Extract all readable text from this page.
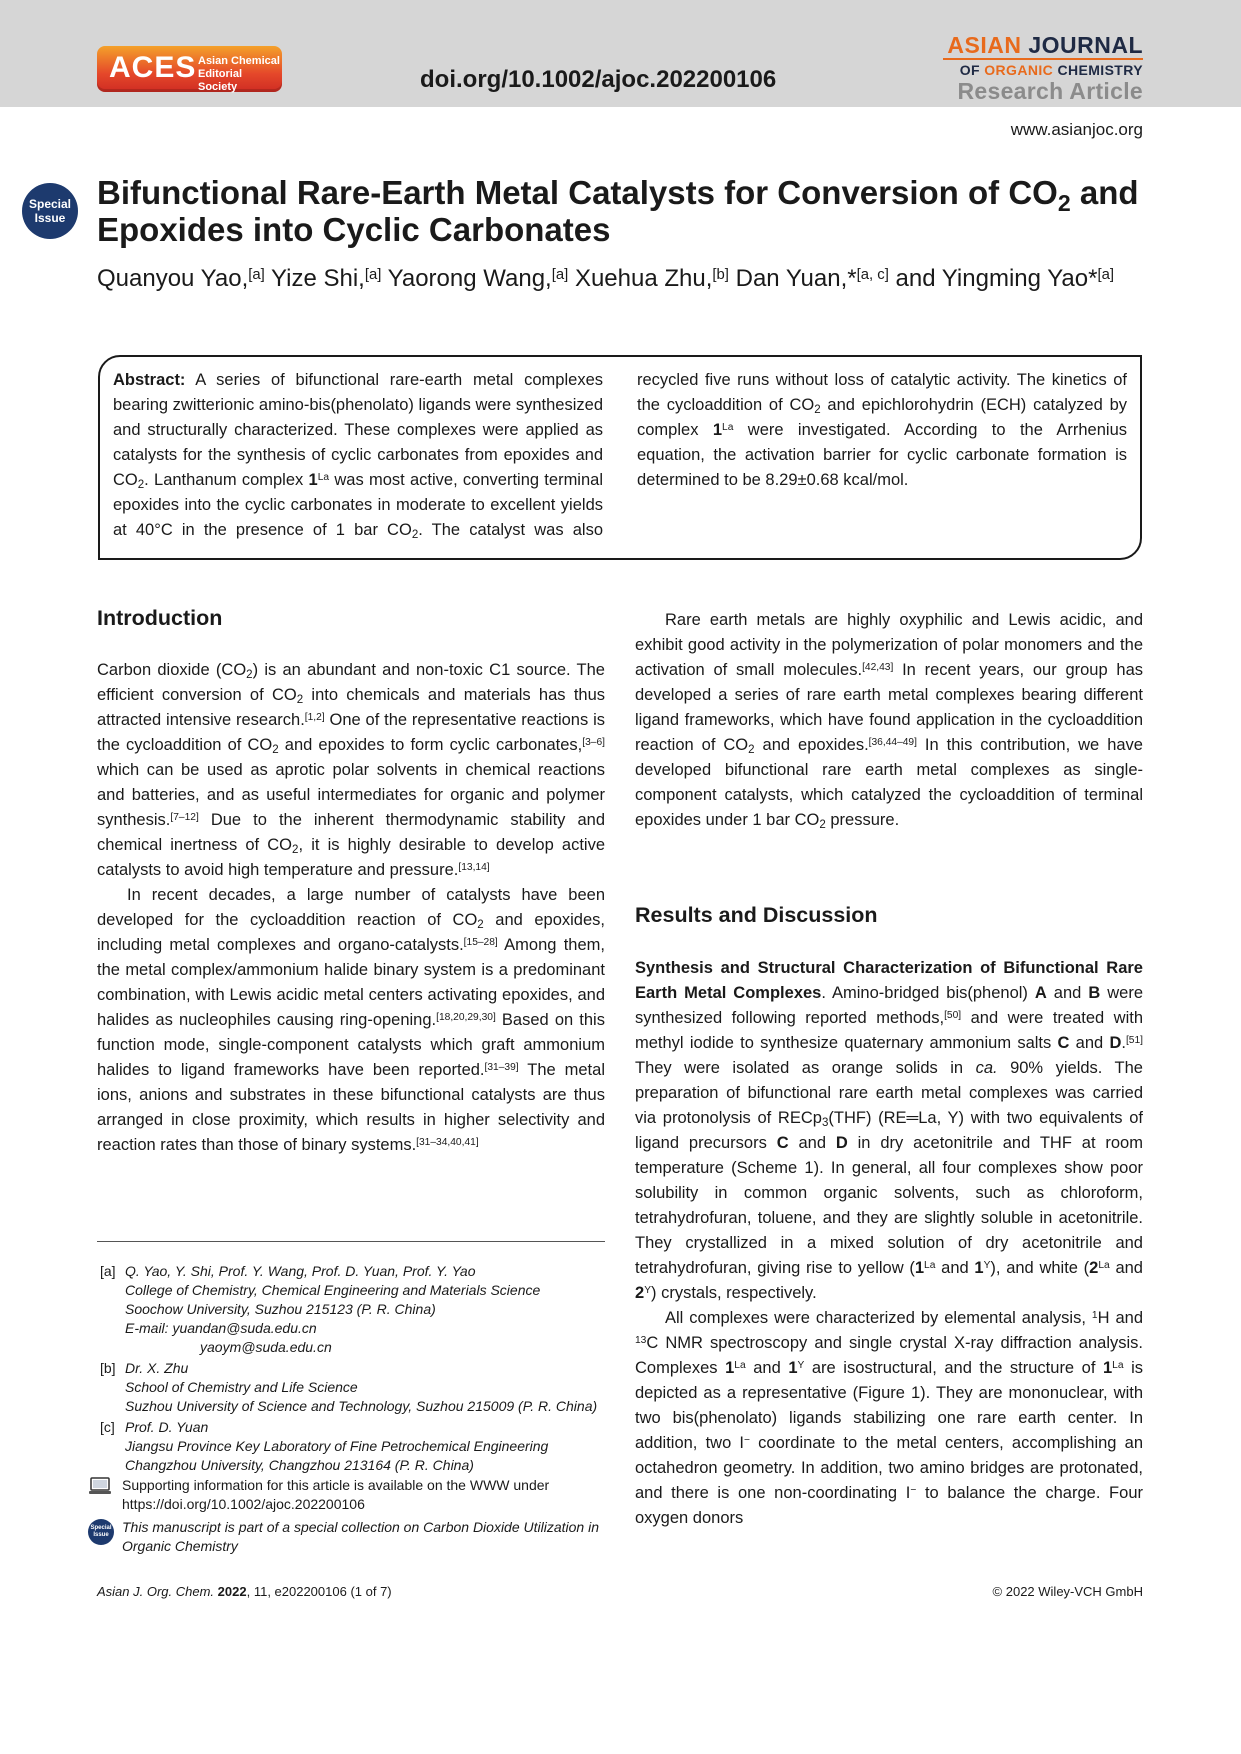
ACES Asian Chemical Editorial Society	doi.org/10.1002/ajoc.202200106
ASIAN JOURNAL
OF ORGANIC CHEMISTRY
Research Article
www.asianjoc.org
Special Issue
Bifunctional Rare-Earth Metal Catalysts for Conversion of $CO_2$ and Epoxides into Cyclic Carbonates
Quanyou Yao,[a] Yize Shi,[a] Yaorong Wang,[a] Xuehua Zhu,[b] Dan Yuan,*[a, c] and Yingming Yao*[a]
Abstract: A series of bifunctional rare-earth metal complexes bearing zwitterionic amino-bis(phenolato) ligands were synthesized and structurally characterized. These complexes were applied as catalysts for the synthesis of cyclic carbonates from epoxides and $CO_2$. Lanthanum complex $1^{La}$ was most active, converting terminal epoxides into the cyclic carbonates in moderate to excellent yields at 40°C in the presence of 1 bar $CO_2$. The catalyst was also recycled five runs without loss of catalytic activity. The kinetics of the cycloaddition of $CO_2$ and epichlorohydrin (ECH) catalyzed by complex $1^{La}$ were investigated. According to the Arrhenius equation, the activation barrier for cyclic carbonate formation is determined to be 8.29±0.68 kcal/mol.
Introduction

Carbon dioxide $(CO_2)$ is an abundant and non-toxic C1 source. The efficient conversion of $CO_2$ into chemicals and materials has thus attracted intensive research.[1,2] One of the representative reactions is the cycloaddition of $CO_2$ and epoxides to form cyclic carbonates,[3–6] which can be used as aprotic polar solvents in chemical reactions and batteries, and as useful intermediates for organic and polymer synthesis.[7–12] Due to the inherent thermodynamic stability and chemical inertness of $CO_2$, it is highly desirable to develop active catalysts to avoid high temperature and pressure.[13,14]

In recent decades, a large number of catalysts have been developed for the cycloaddition reaction of $CO_2$ and epoxides, including metal complexes and organo-catalysts.[15–28] Among them, the metal complex/ammonium halide binary system is a predominant combination, with Lewis acidic metal centers activating epoxides, and halides as nucleophiles causing ring-opening.[18,20,29,30] Based on this function mode, single-component catalysts which graft ammonium halides to ligand frameworks have been reported.[31–39] The metal ions, anions and substrates in these bifunctional catalysts are thus arranged in close proximity, which results in higher selectivity and reaction rates than those of binary systems.[31–34,40,41]

[a] Q. Yao, Y. Shi, Prof. Y. Wang, Prof. D. Yuan, Prof. Y. Yao
College of Chemistry, Chemical Engineering and Materials Science
Soochow University, Suzhou 215123 (P. R. China)
E-mail: yuandan@suda.edu.cn
yaoym@suda.edu.cn
[b] Dr. X. Zhu
School of Chemistry and Life Science
Suzhou University of Science and Technology, Suzhou 215009 (P. R. China)
[c] Prof. D. Yuan
Jiangsu Province Key Laboratory of Fine Petrochemical Engineering
Changzhou University, Changzhou 213164 (P. R. China)
Supporting information for this article is available on the WWW under https://doi.org/10.1002/ajoc.202200106
Special Issue This manuscript is part of a special collection on Carbon Dioxide Utilization in Organic Chemistry

Rare earth metals are highly oxyphilic and Lewis acidic, and exhibit good activity in the polymerization of polar monomers and the activation of small molecules.[42,43] In recent years, our group has developed a series of rare earth metal complexes bearing different ligand frameworks, which have found application in the cycloaddition reaction of $CO_2$ and epoxides.[36,44–49] In this contribution, we have developed bifunctional rare earth metal complexes as single-component catalysts, which catalyzed the cycloaddition of terminal epoxides under 1 bar $CO_2$ pressure.

Results and Discussion

Synthesis and Structural Characterization of Bifunctional Rare Earth Metal Complexes. Amino-bridged bis(phenol) A and B were synthesized following reported methods,[50] and were treated with methyl iodide to synthesize quaternary ammonium salts C and D.[51] They were isolated as orange solids in ca. 90% yields. The preparation of bifunctional rare earth metal complexes was carried via protonolysis of RECp$_3$(THF) (RE═La, Y) with two equivalents of ligand precursors C and D in dry acetonitrile and THF at room temperature (Scheme 1). In general, all four complexes show poor solubility in common organic solvents, such as chloroform, tetrahydrofuran, toluene, and they are slightly soluble in acetonitrile. They crystallized in a mixed solution of dry acetonitrile and tetrahydrofuran, giving rise to yellow ($1^{La}$ and $1^Y$), and white ($2^{La}$ and $2^Y$) crystals, respectively.

All complexes were characterized by elemental analysis, $^1$H and $^{13}$C NMR spectroscopy and single crystal X-ray diffraction analysis. Complexes $1^{La}$ and $1^Y$ are isostructural, and the structure of $1^{La}$ is depicted as a representative (Figure 1). They are mononuclear, with two bis(phenolato) ligands stabilizing one rare earth center. In addition, two I− coordinate to the metal centers, accomplishing an octahedron geometry. In addition, two amino bridges are protonated, and there is one non-coordinating I− to balance the charge. Four oxygen donors

Asian J. Org. Chem. 2022, 11, e202200106 (1 of 7)	© 2022 Wiley-VCH GmbH
